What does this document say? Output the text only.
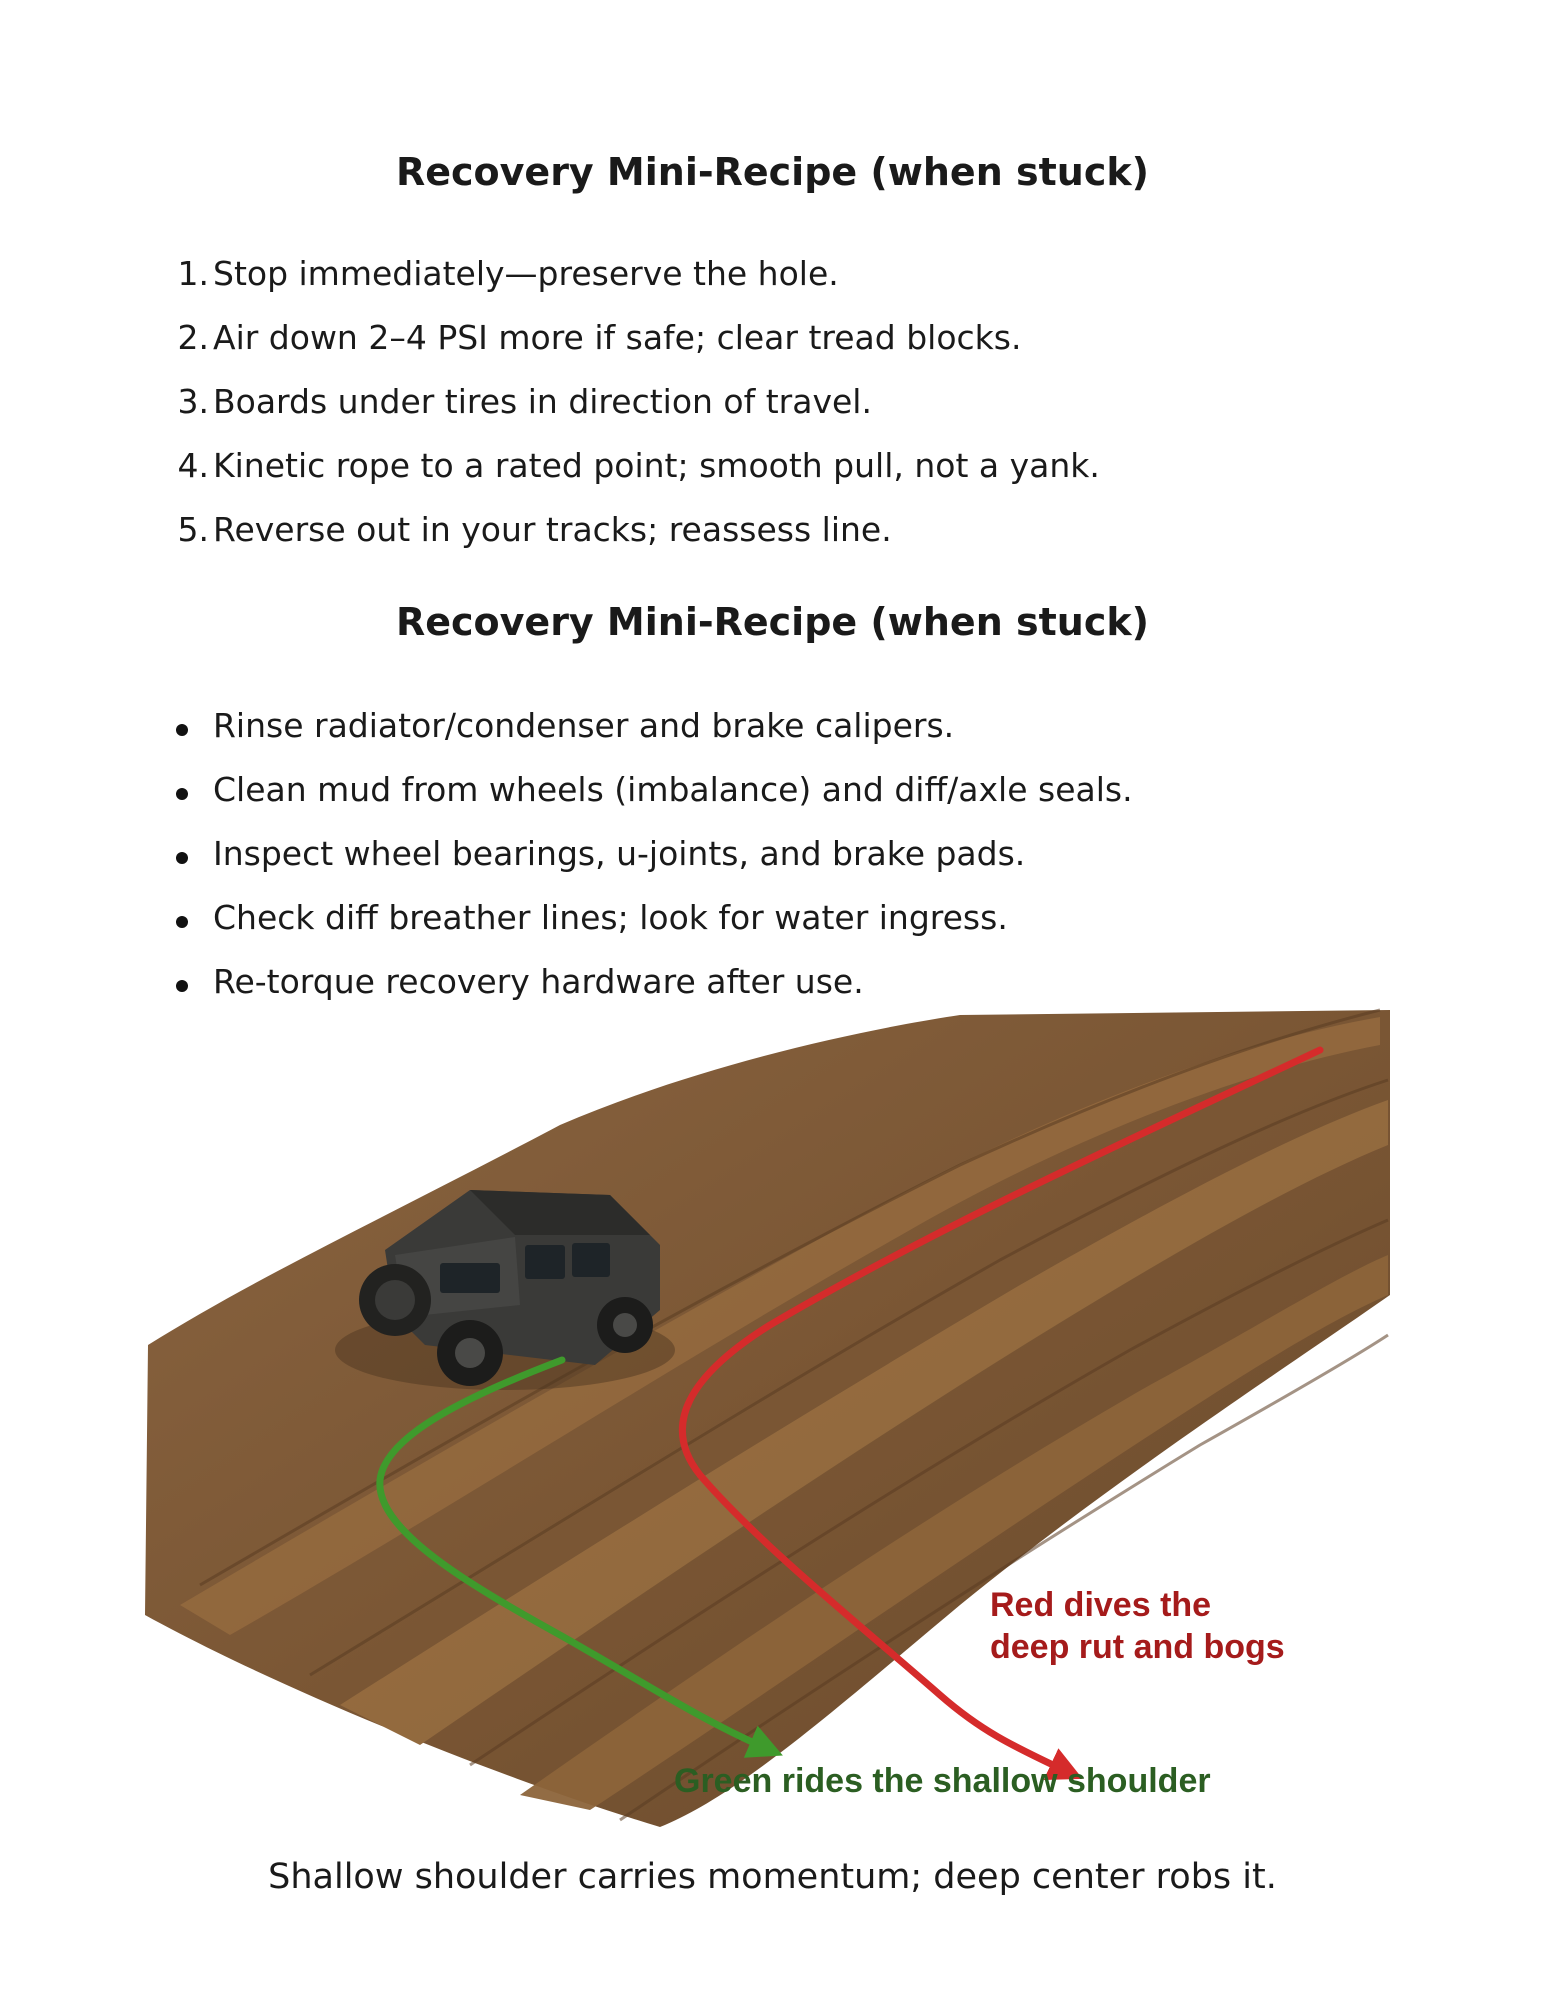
Recovery Mini-Recipe (when stuck)
1. Stop immediately—preserve the hole.
2. Air down 2–4 PSI more if safe; clear tread blocks.
3. Boards under tires in direction of travel.
4. Kinetic rope to a rated point; smooth pull, not a yank.
5. Reverse out in your tracks; reassess line.
Recovery Mini-Recipe (when stuck)
Rinse radiator/condenser and brake calipers.
Clean mud from wheels (imbalance) and diff/axle seals.
Inspect wheel bearings, u-joints, and brake pads.
Check diff breather lines; look for water ingress.
Re-torque recovery hardware after use.
Red dives the
deep rut and bogs
Green rides the shallow shoulder

Shallow shoulder carries momentum; deep center robs it.
